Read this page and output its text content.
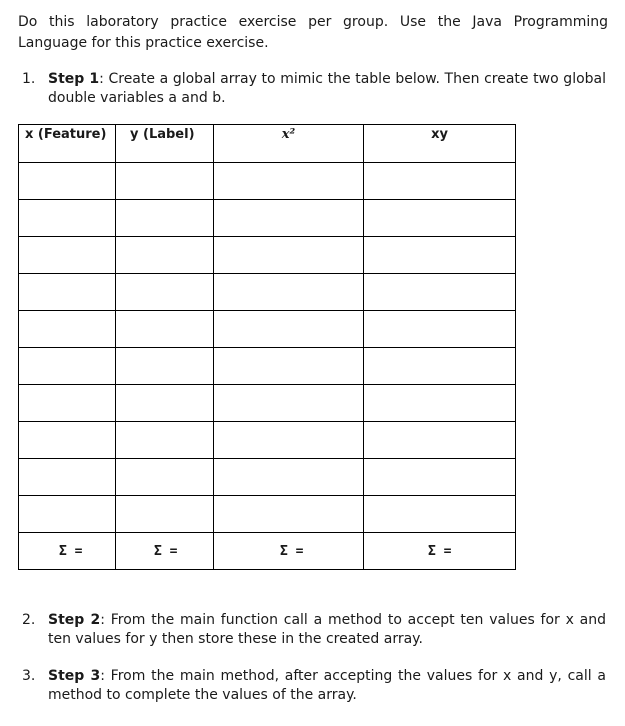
Do this laboratory practice exercise per group. Use the Java Programming Language for this practice exercise.
1. Step 1: Create a global array to mimic the table below. Then create two global double variables a and b.
x (Feature)	y (Label)	x²	xy

Σ =	Σ =	Σ =	Σ =
2. Step 2: From the main function call a method to accept ten values for x and ten values for y then store these in the created array.
3. Step 3: From the main method, after accepting the values for x and y, call a method to complete the values of the array.
